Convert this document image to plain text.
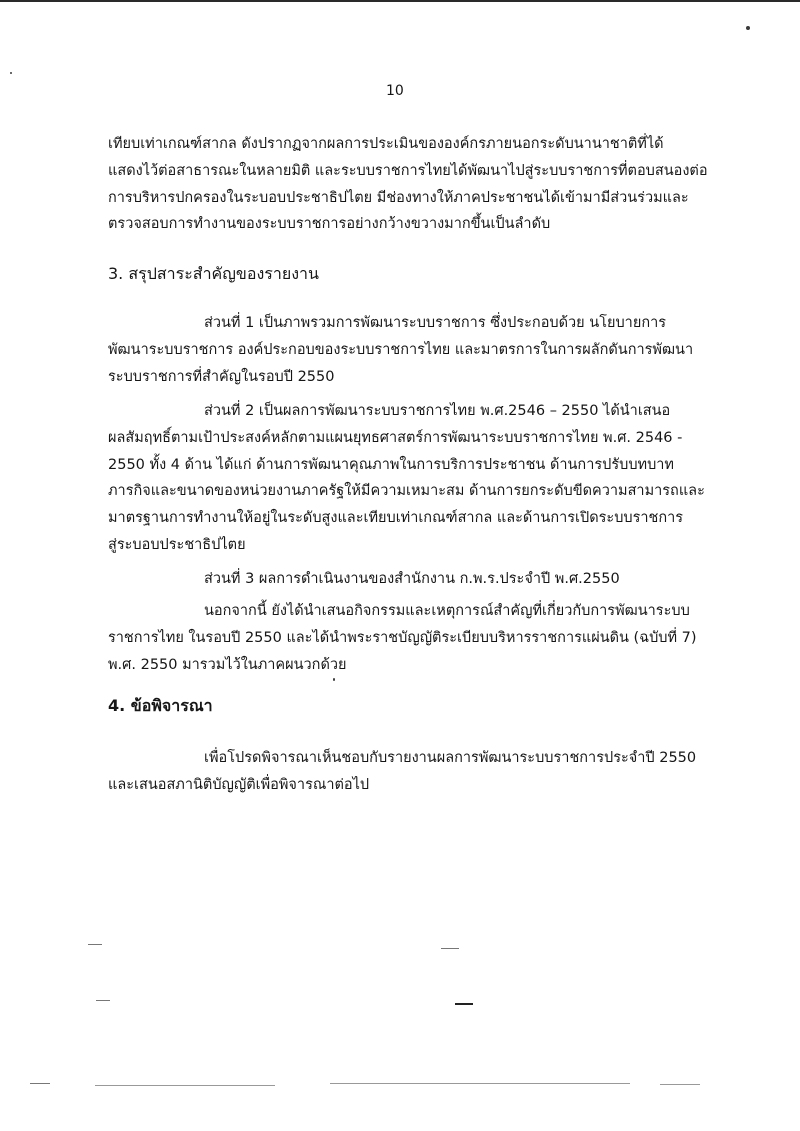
10
เทียบเท่าเกณฑ์สากล ดังปรากฏจากผลการประเมินขององค์กรภายนอกระดับนานาชาติที่ได้
แสดงไว้ต่อสาธารณะในหลายมิติ และระบบราชการไทยได้พัฒนาไปสู่ระบบราชการที่ตอบสนองต่อ
การบริหารปกครองในระบอบประชาธิปไตย มีช่องทางให้ภาคประชาชนได้เข้ามามีส่วนร่วมและ
ตรวจสอบการทำงานของระบบราชการอย่างกว้างขวางมากขึ้นเป็นลำดับ
3. สรุปสาระสำคัญของรายงาน
ส่วนที่ 1 เป็นภาพรวมการพัฒนาระบบราชการ ซึ่งประกอบด้วย นโยบายการ
พัฒนาระบบราชการ องค์ประกอบของระบบราชการไทย และมาตรการในการผลักดันการพัฒนา
ระบบราชการที่สำคัญในรอบปี 2550
ส่วนที่ 2 เป็นผลการพัฒนาระบบราชการไทย พ.ศ.2546 – 2550 ได้นำเสนอ
ผลสัมฤทธิ์ตามเป้าประสงค์หลักตามแผนยุทธศาสตร์การพัฒนาระบบราชการไทย พ.ศ. 2546 -
2550 ทั้ง 4 ด้าน ได้แก่ ด้านการพัฒนาคุณภาพในการบริการประชาชน ด้านการปรับบทบาท
ภารกิจและขนาดของหน่วยงานภาครัฐให้มีความเหมาะสม ด้านการยกระดับขีดความสามารถและ
มาตรฐานการทำงานให้อยู่ในระดับสูงและเทียบเท่าเกณฑ์สากล และด้านการเปิดระบบราชการ
สู่ระบอบประชาธิปไตย
ส่วนที่ 3 ผลการดำเนินงานของสำนักงาน ก.พ.ร.ประจำปี พ.ศ.2550
นอกจากนี้ ยังได้นำเสนอกิจกรรมและเหตุการณ์สำคัญที่เกี่ยวกับการพัฒนาระบบ
ราชการไทย ในรอบปี 2550 และได้นำพระราชบัญญัติระเบียบบริหารราชการแผ่นดิน (ฉบับที่ 7)
พ.ศ. 2550 มารวมไว้ในภาคผนวกด้วย
4. ข้อพิจารณา
เพื่อโปรดพิจารณาเห็นชอบกับรายงานผลการพัฒนาระบบราชการประจำปี 2550
และเสนอสภานิติบัญญัติเพื่อพิจารณาต่อไป
